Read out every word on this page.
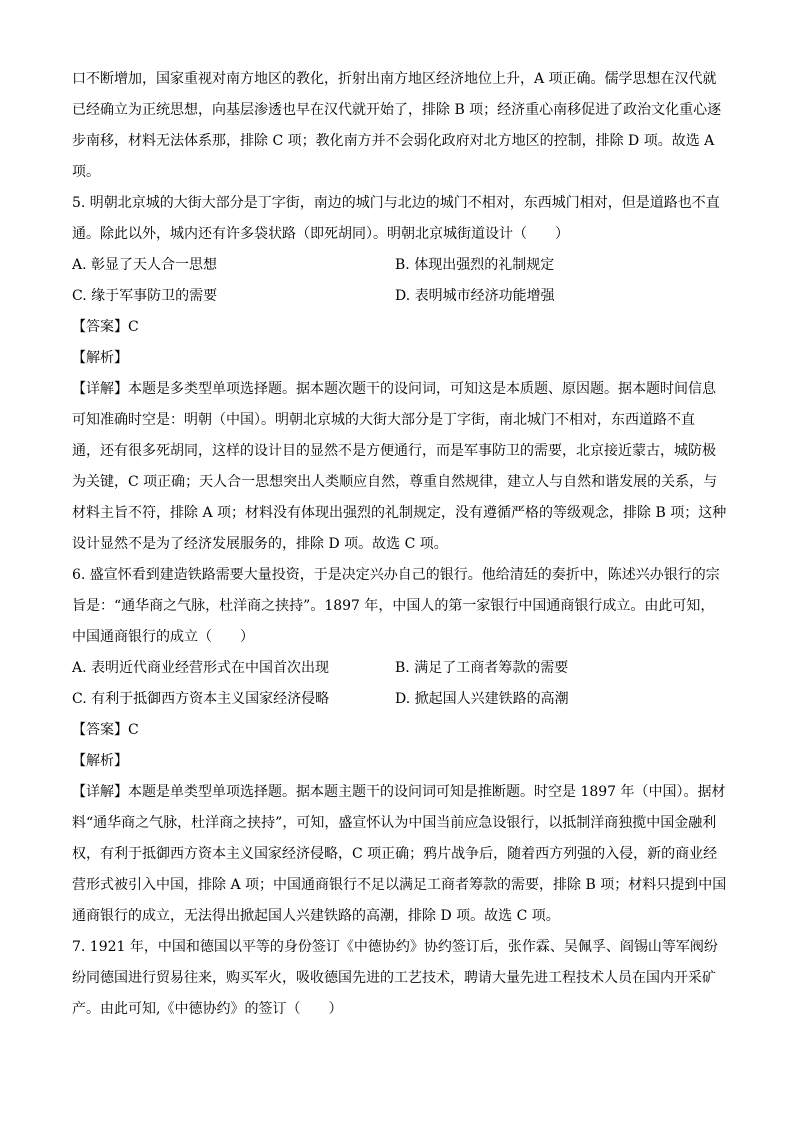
口不断增加，国家重视对南方地区的教化，折射出南方地区经济地位上升，A 项正确。儒学思想在汉代就
已经确立为正统思想，向基层渗透也早在汉代就开始了，排除 B 项；经济重心南移促进了政治文化重心逐
步南移，材料无法体系那，排除 C 项；教化南方并不会弱化政府对北方地区的控制，排除 D 项。故选 A
项。
5. 明朝北京城的大街大部分是丁字街，南边的城门与北边的城门不相对，东西城门相对，但是道路也不直
通。除此以外，城内还有许多袋状路（即死胡同）。明朝北京城街道设计（　　）
A. 彰显了天人合一思想	B. 体现出强烈的礼制规定
C. 缘于军事防卫的需要	D. 表明城市经济功能增强
【答案】C
【解析】
【详解】本题是多类型单项选择题。据本题次题干的设问词，可知这是本质题、原因题。据本题时间信息
可知准确时空是：明朝（中国）。明朝北京城的大街大部分是丁字街，南北城门不相对，东西道路不直
通，还有很多死胡同，这样的设计目的显然不是方便通行，而是军事防卫的需要，北京接近蒙古，城防极
为关键，C 项正确；天人合一思想突出人类顺应自然，尊重自然规律，建立人与自然和谐发展的关系，与
材料主旨不符，排除 A 项；材料没有体现出强烈的礼制规定，没有遵循严格的等级观念，排除 B 项；这种
设计显然不是为了经济发展服务的，排除 D 项。故选 C 项。
6. 盛宣怀看到建造铁路需要大量投资，于是决定兴办自己的银行。他给清廷的奏折中，陈述兴办银行的宗
旨是：“通华商之气脉，杜洋商之挟持”。1897 年，中国人的第一家银行中国通商银行成立。由此可知，
中国通商银行的成立（　　）
A. 表明近代商业经营形式在中国首次出现	B. 满足了工商者筹款的需要
C. 有利于抵御西方资本主义国家经济侵略	D. 掀起国人兴建铁路的高潮
【答案】C
【解析】
【详解】本题是单类型单项选择题。据本题主题干的设问词可知是推断题。时空是 1897 年（中国）。据材
料“通华商之气脉，杜洋商之挟持”，可知，盛宣怀认为中国当前应急设银行，以抵制洋商独揽中国金融利
权，有利于抵御西方资本主义国家经济侵略，C 项正确；鸦片战争后，随着西方列强的入侵，新的商业经
营形式被引入中国，排除 A 项；中国通商银行不足以满足工商者筹款的需要，排除 B 项；材料只提到中国
通商银行的成立，无法得出掀起国人兴建铁路的高潮，排除 D 项。故选 C 项。
7. 1921 年，中国和德国以平等的身份签订《中德协约》协约签订后，张作霖、吴佩孚、阎锡山等军阀纷
纷同德国进行贸易往来，购买军火，吸收德国先进的工艺技术，聘请大量先进工程技术人员在国内开采矿
产。由此可知,《中德协约》的签订（　　）
